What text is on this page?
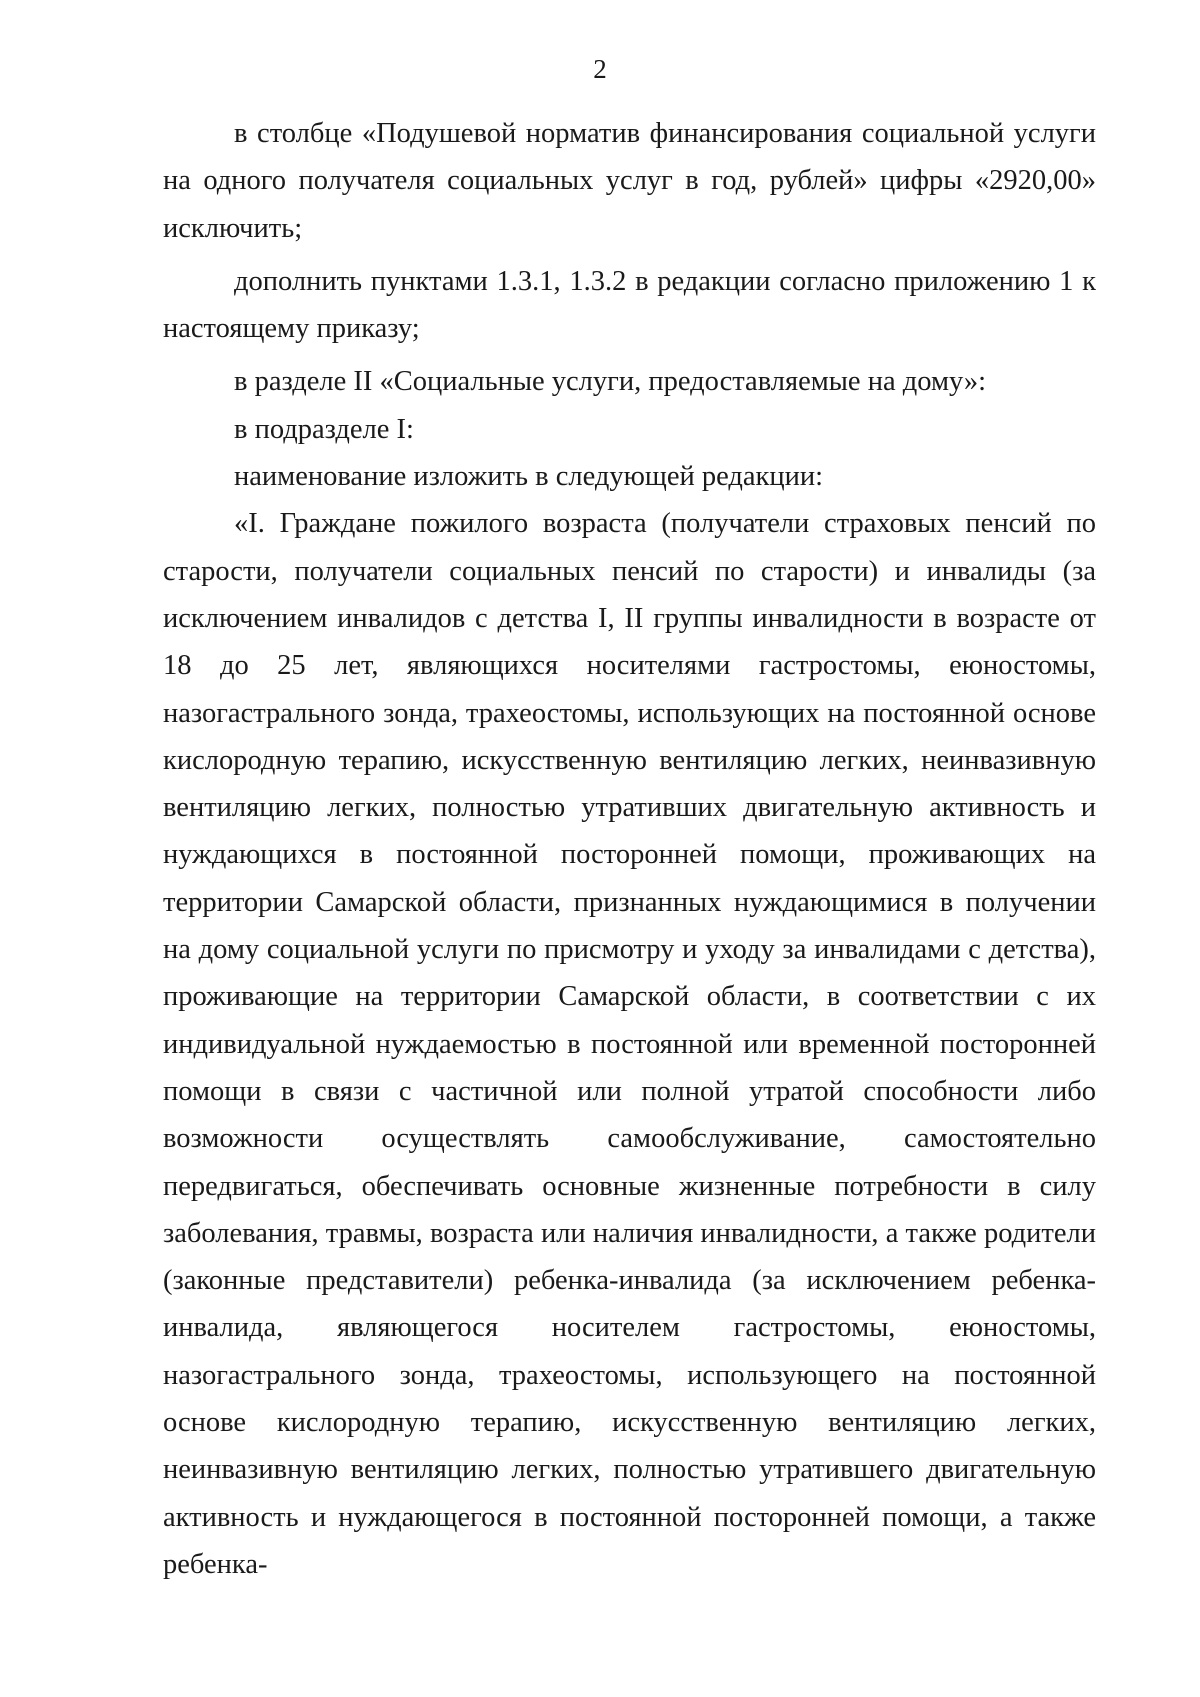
2

в столбце «Подушевой норматив финансирования социальной услуги на одного получателя социальных услуг в год, рублей» цифры «2920,00» исключить;

дополнить пунктами 1.3.1, 1.3.2 в редакции согласно приложению 1 к настоящему приказу;

в разделе II «Социальные услуги, предоставляемые на дому»:

в подразделе I:

наименование изложить в следующей редакции:

«I. Граждане пожилого возраста (получатели страховых пенсий по старости, получатели социальных пенсий по старости) и инвалиды (за исключением инвалидов с детства I, II группы инвалидности в возрасте от 18 до 25 лет, являющихся носителями гастростомы, еюностомы, назогастрального зонда, трахеостомы, использующих на постоянной основе кислородную терапию, искусственную вентиляцию легких, неинвазивную вентиляцию легких, полностью утративших двигательную активность и нуждающихся в постоянной посторонней помощи, проживающих на территории Самарской области, признанных нуждающимися в получении на дому социальной услуги по присмотру и уходу за инвалидами с детства), проживающие на территории Самарской области, в соответствии с их индивидуальной нуждаемостью в постоянной или временной посторонней помощи в связи с частичной или полной утратой способности либо возможности осуществлять самообслуживание, самостоятельно передвигаться, обеспечивать основные жизненные потребности в силу заболевания, травмы, возраста или наличия инвалидности, а также родители (законные представители) ребенка-инвалида (за исключением ребенка-инвалида, являющегося носителем гастростомы, еюностомы, назогастрального зонда, трахеостомы, использующего на постоянной основе кислородную терапию, искусственную вентиляцию легких, неинвазивную вентиляцию легких, полностью утратившего двигательную активность и нуждающегося в постоянной посторонней помощи, а также ребенка-
